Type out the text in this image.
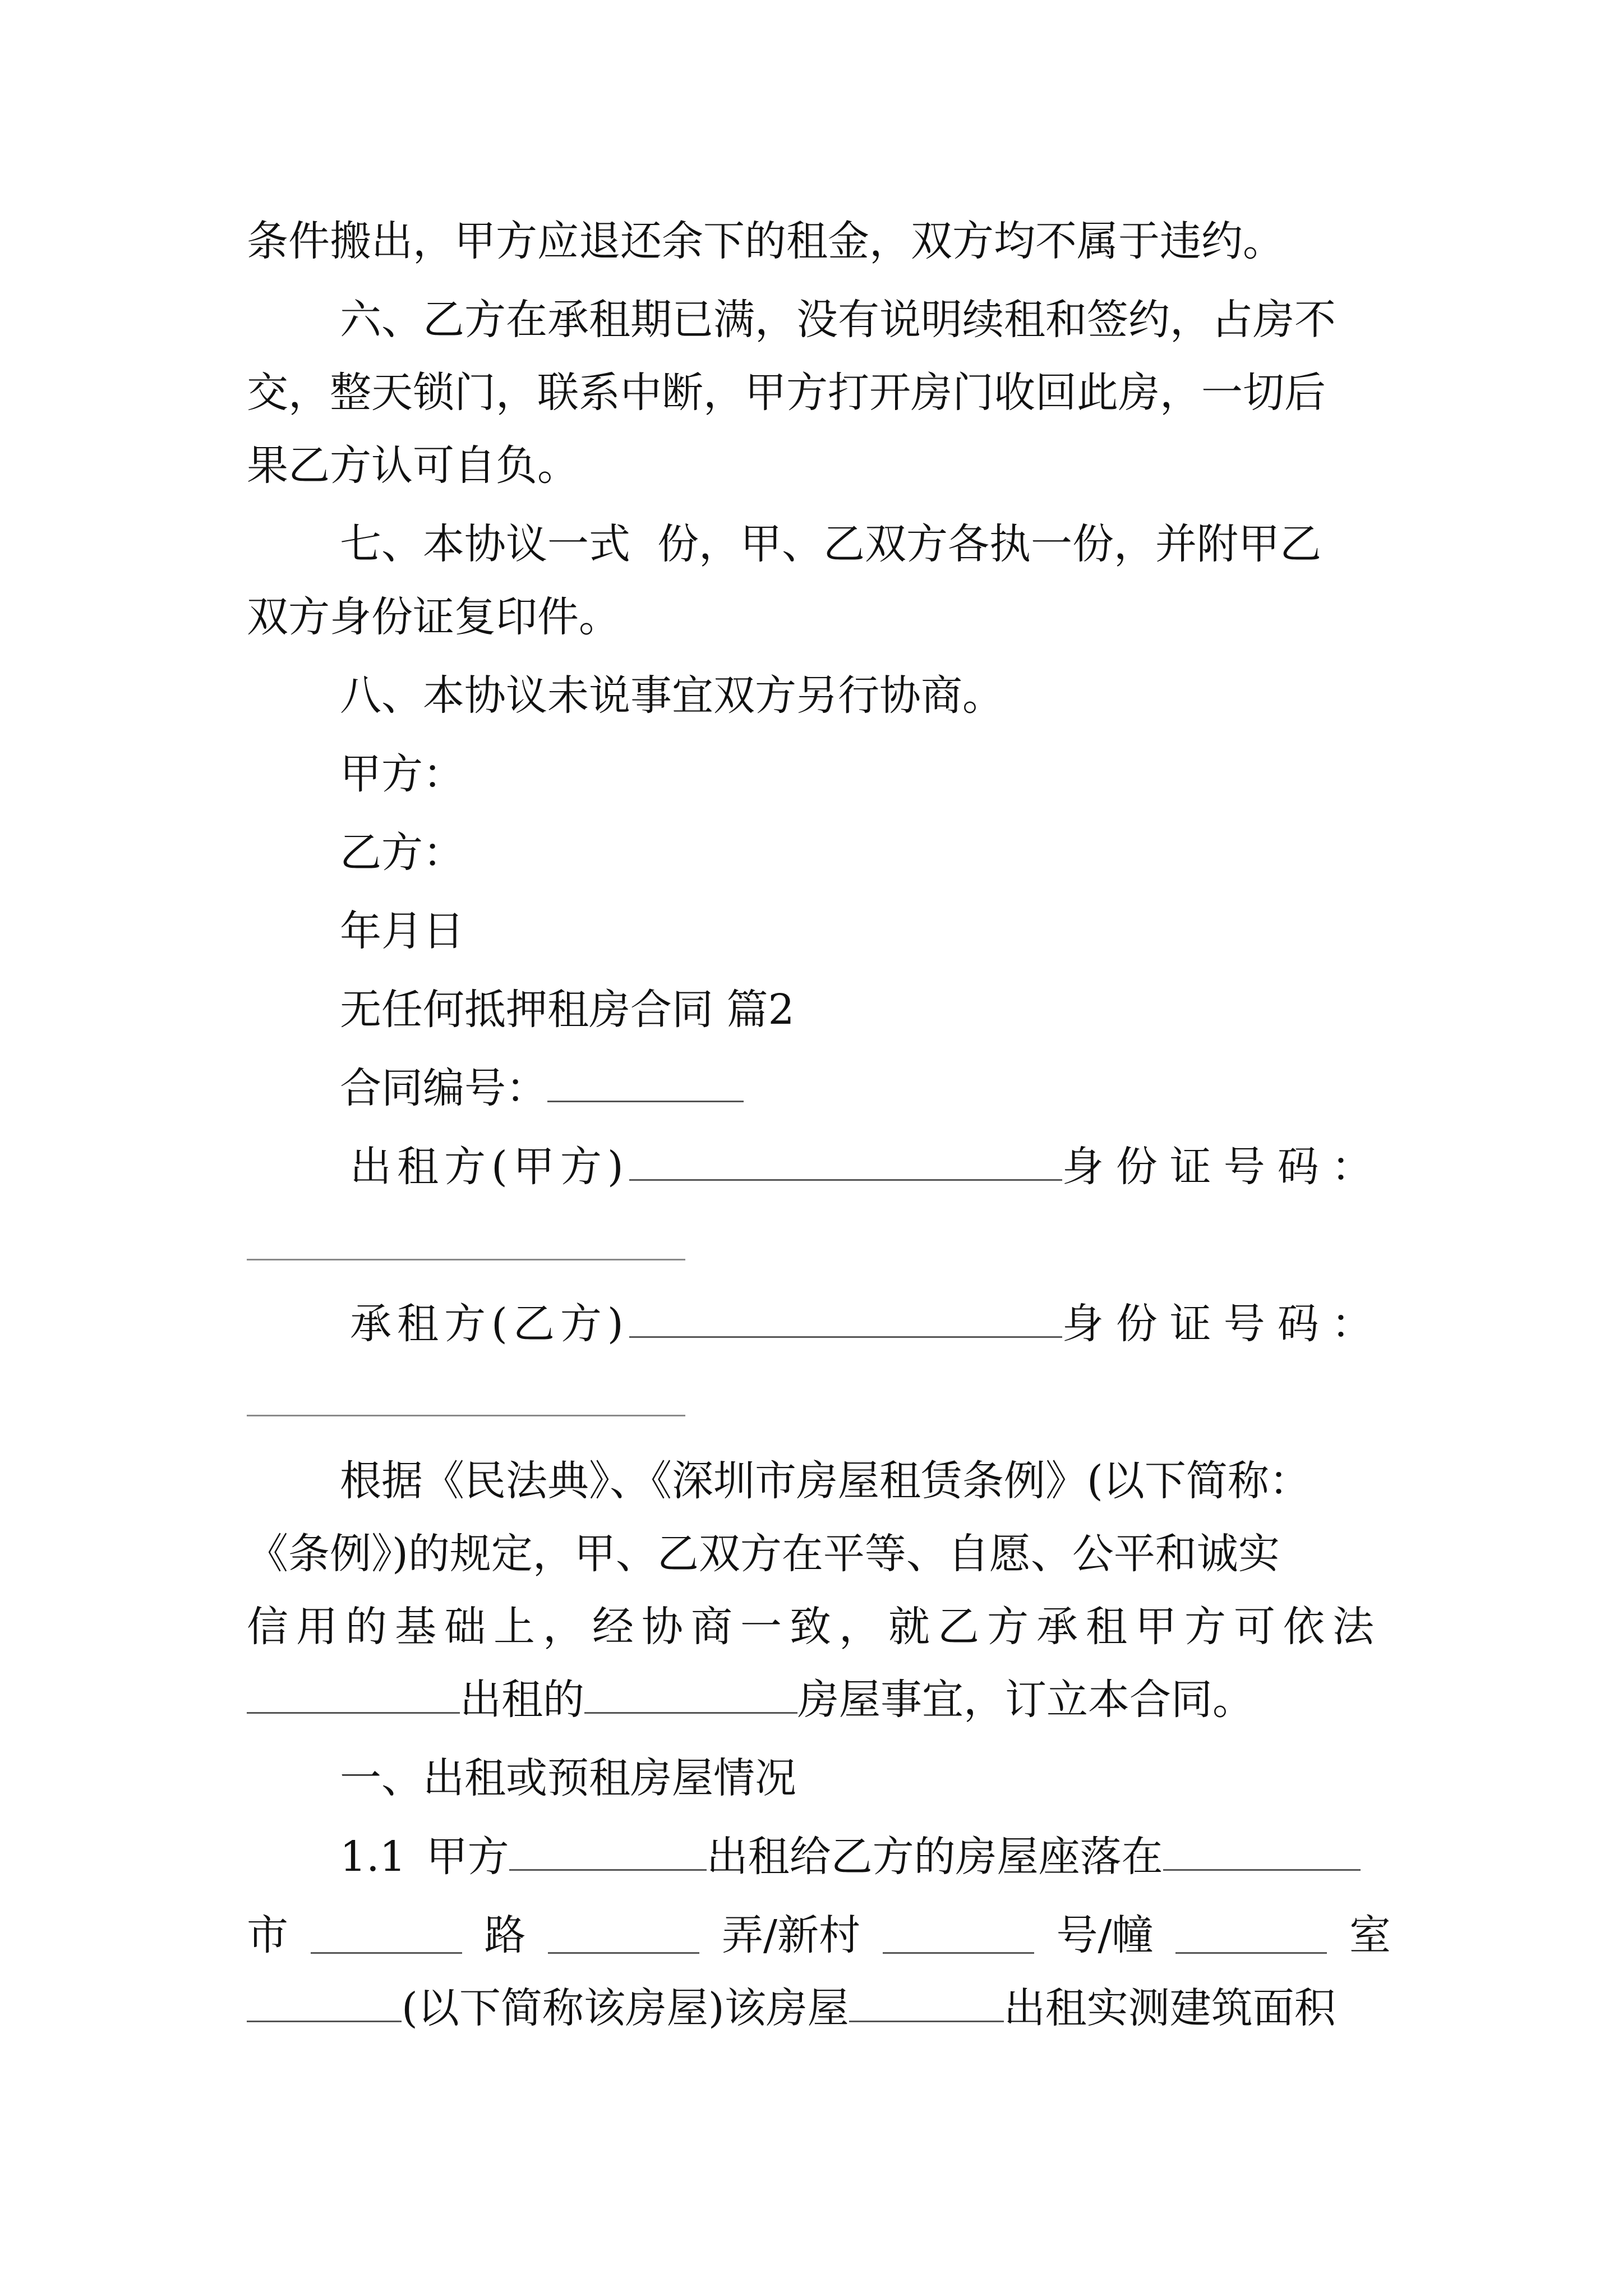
条件搬出，甲方应退还余下的租金，双方均不属于违约。
六、乙方在承租期已满，没有说明续租和签约，占房不
交，整天锁门，联系中断，甲方打开房门收回此房，一切后
果乙方认可自负。
七、本协议一式 份，甲、乙双方各执一份，并附甲乙
双方身份证复印件。
八、本协议未说事宜双方另行协商。
甲方：
乙方：
年月日
无任何抵押租房合同 篇2
合同编号：
出租方(甲方)	身份证号码：
承租方(乙方)	身份证号码：
根据《民法典》、《深圳市房屋租赁条例》(以下简称：
《条例》)的规定，甲、乙双方在平等、自愿、公平和诚实
信用的基础上，经协商一致，就乙方承租甲方可依法
出租的	房屋事宜，订立本合同。
一、出租或预租房屋情况
1.1 甲方	出租给乙方的房屋座落在
市	路	弄/新村	号/幢	室
(以下简称该房屋)该房屋	出租实测建筑面积
